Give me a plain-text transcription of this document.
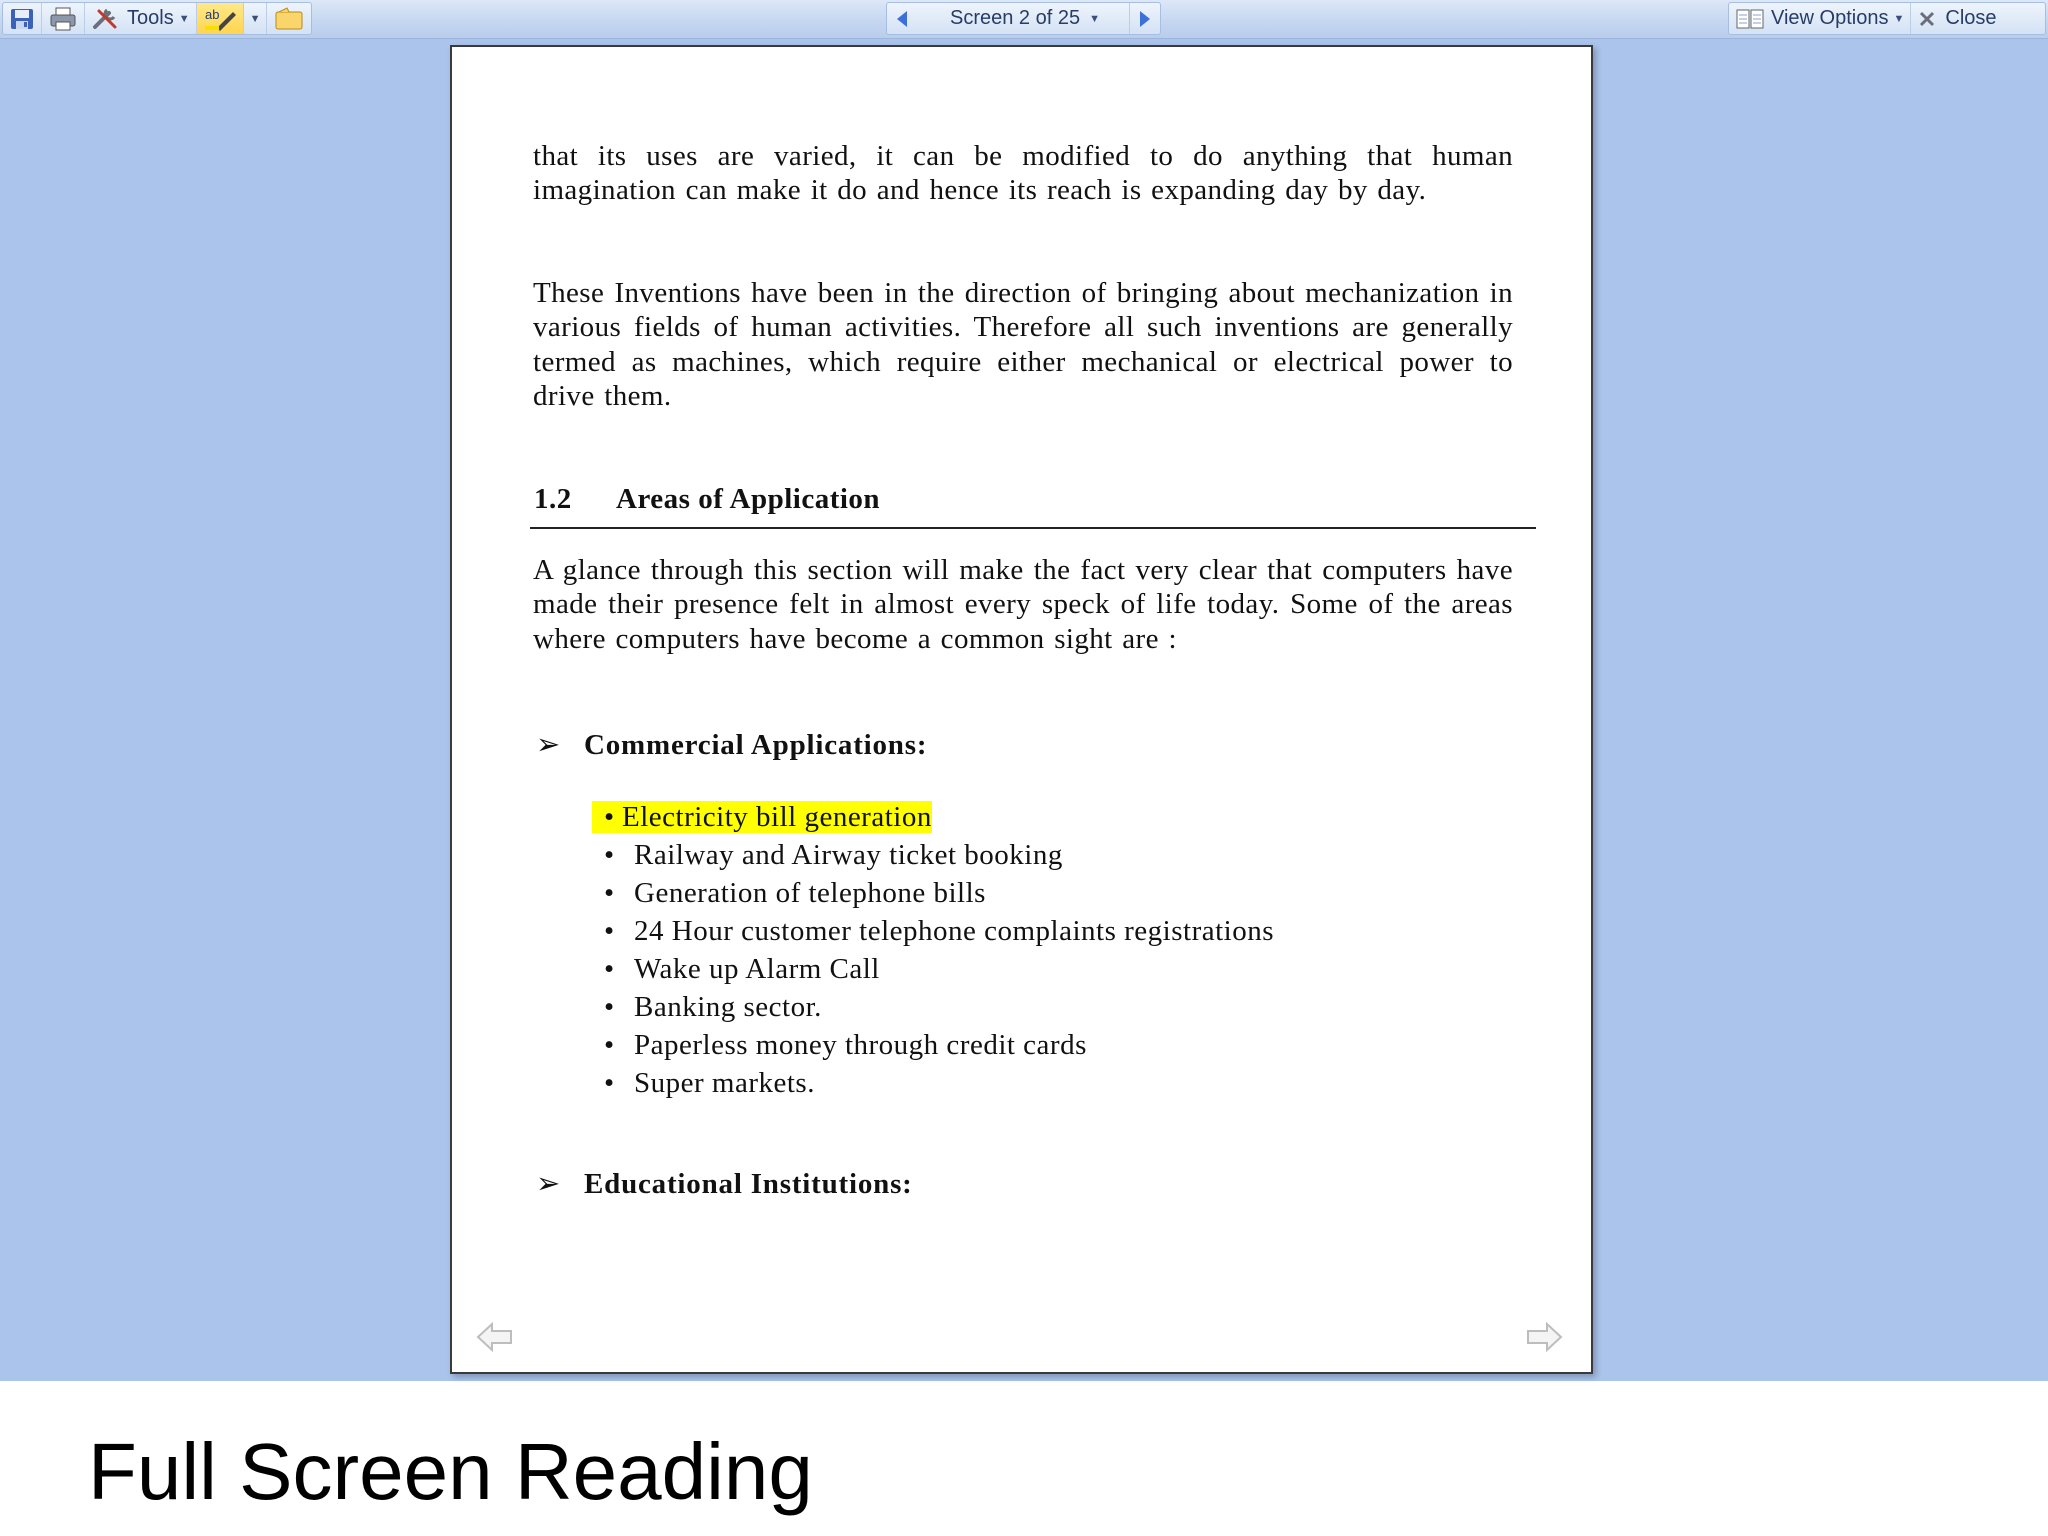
Tools ▼ ab	▼	Screen 2 of 25 ▼	View Options ▼ Close
that its uses are varied, it can be modified to do anything that human imagination can make it do and hence its reach is expanding day by day.
These Inventions have been in the direction of bringing about mechanization in various fields of human activities. Therefore all such inventions are generally termed as machines, which require either mechanical or electrical power to drive them.
1.2 Areas of Application
A glance through this section will make the fact very clear that computers have made their presence felt in almost every speck of life today. Some of the areas where computers have become a common sight are :
➢ Commercial Applications:
• Electricity bill generation
• Railway and Airway ticket booking
• Generation of telephone bills
• 24 Hour customer telephone complaints registrations
• Wake up Alarm Call
• Banking sector.
• Paperless money through credit cards
• Super markets.
➢ Educational Institutions:
Full Screen Reading
